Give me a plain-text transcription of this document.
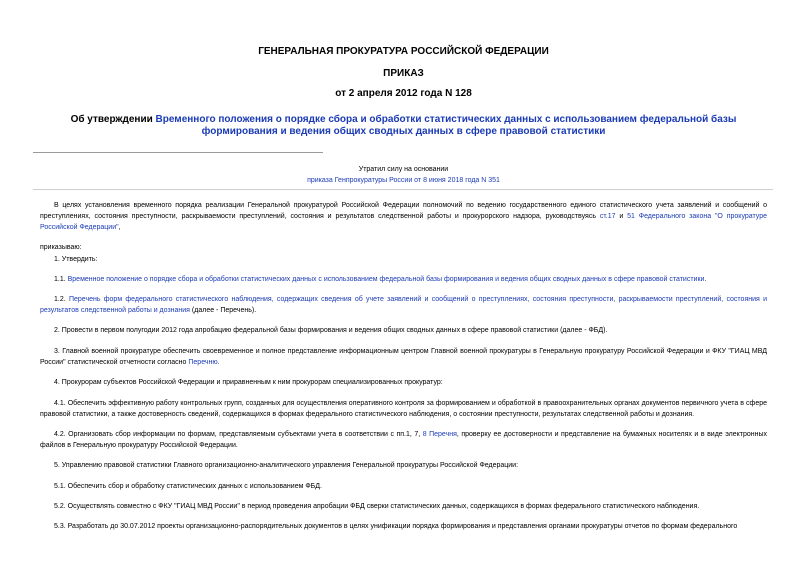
ГЕНЕРАЛЬНАЯ ПРОКУРАТУРА РОССИЙСКОЙ ФЕДЕРАЦИИ
ПРИКАЗ
от 2 апреля 2012 года N 128
Об утверждении Временного положения о порядке сбора и обработки статистических данных с использованием федеральной базы формирования и ведения общих сводных данных в сфере правовой статистики
Утратил силу на основании
приказа Генпрокуратуры России от 8 июня 2018 года N 351
В целях установления временного порядка реализации Генеральной прокуратурой Российской Федерации полномочий по ведению государственного единого статистического учета заявлений и сообщений о преступлениях, состояния преступности, раскрываемости преступлений, состояния и результатов следственной работы и прокурорского надзора, руководствуясь ст.17 и 51 Федерального закона "О прокуратуре Российской Федерации",
приказываю:
1. Утвердить:
1.1. Временное положение о порядке сбора и обработки статистических данных с использованием федеральной базы формирования и ведения общих сводных данных в сфере правовой статистики.
1.2. Перечень форм федерального статистического наблюдения, содержащих сведения об учете заявлений и сообщений о преступлениях, состояния преступности, раскрываемости преступлений, состояния и результатов следственной работы и дознания (далее - Перечень).
2. Провести в первом полугодии 2012 года апробацию федеральной базы формирования и ведения общих сводных данных в сфере правовой статистики (далее - ФБД).
3. Главной военной прокуратуре обеспечить своевременное и полное представление информационным центром Главной военной прокуратуры в Генеральную прокуратуру Российской Федерации и ФКУ "ГИАЦ МВД России" статистической отчетности согласно Перечню.
4. Прокурорам субъектов Российской Федерации и приравненным к ним прокурорам специализированных прокуратур:
4.1. Обеспечить эффективную работу контрольных групп, созданных для осуществления оперативного контроля за формированием и обработкой в правоохранительных органах документов первичного учета в сфере правовой статистики, а также достоверность сведений, содержащихся в формах федерального статистического наблюдения, о состоянии преступности, результатах следственной работы и дознания.
4.2. Организовать сбор информации по формам, представляемым субъектами учета в соответствии с пп.1, 7, 8 Перечня, проверку ее достоверности и представление на бумажных носителях и в виде электронных файлов в Генеральную прокуратуру Российской Федерации.
5. Управлению правовой статистики Главного организационно-аналитического управления Генеральной прокуратуры Российской Федерации:
5.1. Обеспечить сбор и обработку статистических данных с использованием ФБД.
5.2. Осуществлять совместно с ФКУ "ГИАЦ МВД России" в период проведения апробации ФБД сверки статистических данных, содержащихся в формах федерального статистического наблюдения.
5.3. Разработать до 30.07.2012 проекты организационно-распорядительных документов в целях унификации порядка формирования и представления органами прокуратуры отчетов по формам федерального
